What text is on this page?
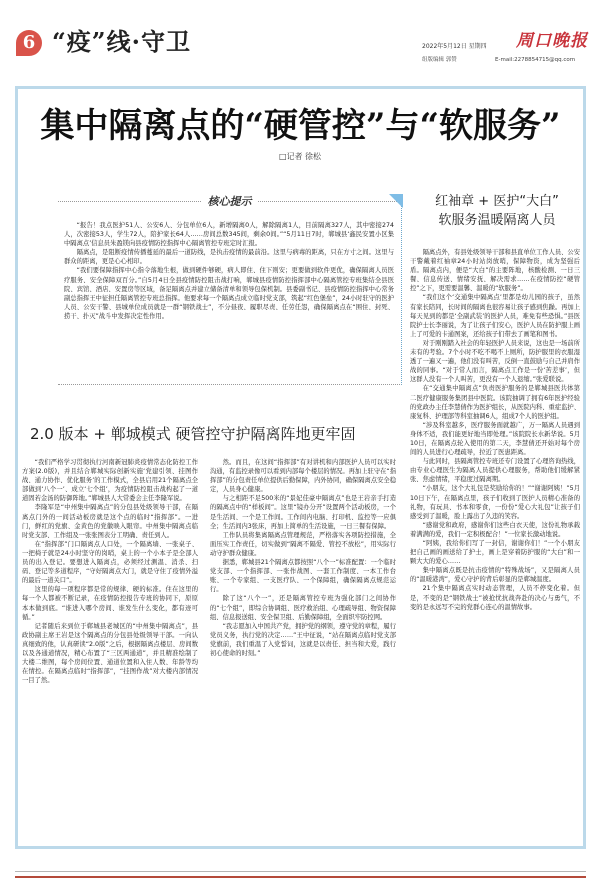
6 “疫”线·守卫	2022年5月12日 星期四 周口晚报
组版编辑 郭赞	E-mail:2278854715@qq.com
集中隔离点的“硬管控”与“软服务”
□记者 徐松
核心提示

“报告！我点医护51人、公安6人、分包单位6人，新增隔离0人，解除隔离1人，目前隔离327人，其中密接274人，次密接53人，学生72人，陪护家长64人……房间总数345间，剩余0间。”“5月11日7时，郸城县‘鑫民安置小区集中隔离点’信息员朱盈镁向县疫情防控指挥中心隔离管控专班定时汇报。

隔离点，是阻断疫情传播蔓延的最后一道防线，是执击疫情的最前沿。这里与病毒的距离，只在方寸之间。这里与群众的距离，更是心心相印。

“我们要保障指挥中心指令落地生根，做到硬件够硬，病人即住、住下则安；更要做到软件更优，确保隔离人员医疗服务、安全保障双百分。”自5月4日全县疫情防控阻击战打响，郸城县疫情防控指挥部中心隔离管控专班集结全县医院、宾馆、酒店、安置房等区域，备足隔离点并建立储备清单和领导包保机制。县委副书记、县疫情防控指挥中心常务副总指挥王中征担任隔离管控专班总指挥。他要求每一个隔离点成立临时党支部，筑起“红色堡垒”，24小时驻守的医护人员、公安干警、县城单位成员就是一群“钢铁战士”，不分昼夜、履职尽责、任劳任怨，确保隔离点在“围住、封死、捞干、扑灭”战斗中发挥决定性作用。

2.0 版本 + 郸城模式 硬管控守护隔离阵地更牢固

“我们严格学习贯彻执行河南新冠肺炎疫情常态化防控工作方案(2.0版)，并且结合郸城实际创新实施‘党建引领、挂图作战、通力协作、优化服务’的工作模式，全县启用21个隔离点全部做到‘八个一’、成立‘七个组’，为疫情防控阻击战构起了一道道固若金汤的防御阵地。”郸城县人大常委会主任李隆军说。

李隆军是“中州集中隔离点”的分包县处级领导干部，在隔离点门外的一间活动板房就是这个点的临时“指挥部”。一进门，鲜红的党旗、金黄色的党徽映入眼帘。中州集中隔离点临时党支部、工作组及一张张图表分工明确、责任到人。

在“指挥部”门口隔离点人口处，一个隔离墙、一张桌子、一把椅子就是24小时坚守的岗哨，桌上的一个小本子是全部人员的出入登记。要想进入隔离点，必须经过测温、消杀、扫码、登记等多道程序，“守好隔离点大门，就是守住了疫情外溢的最后一道关口”。

这里的每一项程序都是常的规律、硬的标准。住在这里的每一个人都被不断记录，在疫情防控报告专班的协同下，原原本本做到底。“谁进入哪个房间、谁发生什么变化，都有迹可循。”

记者随后来到位于郸城县老城区的“中州集中隔离点”，县政协副主席王岩是这个隔离点的分包县处级领导干部。一向认真细致的他，认真研读“2.0版”之后，根据隔离点楼层、房间数以及各通道情况，精心布置了“三区两通道”，并且精准绘制了大楼二维图，每个房间位置、通道位置和入住人数、年龄等均在情控。在隔离点临时“指挥部”，“挂图作战”对大楼内部情况一目了然。

然。而且，在这间“指挥部”有对讲机和内部医护人员可以实时沟通，有监控录像可以看到内部每个楼层的情况。再加上驻守在“指挥部”的分包责任单位提供后勤保障，内外协同，确保隔离点安全稳定，人员身心健康。

与之相距不足500米的“景妃佳豪中隔离点”也是王岩亲手打造的隔离点中的“样板间”。这里“镜办分开”设置两个活动板房，一个是生活间、一个是工作间。工作间内电脑、打印机、监控等一应俱全；生活间内3张床，再加上简单的生活设施，一日三餐有保障。

工作队员将集离隔离点管理规范，严格落实各项防控措施，全面压实工作责任，切实做到“隔离不隔爱、管控不放松”，用实际行动守护群众健康。

据悉，郸城县21个隔离点都按照“八个一”标准配置：一个临时党支部、一个指挥部、一张作战图、一套工作制度、一本工作台账、一个专家组、一支医疗队、一个保障组，确保隔离点规范运行。

除了这“八个一”，还是隔离管控专班为强化部门之间协作的“七个组”，即综合协调组、医疗救治组、心理疏导组、物资保障组、信息报送组、安全保卫组、后勤保障组，全面织牢防控网。

“我志愿加入中国共产党，拥护党的纲领，遵守党的章程，履行党员义务，执行党的决定……”王中征说，“站在隔离点临时党支部党旗前，我们重温了入党誓词，这就是以责任、担当和大爱，践行初心使命的时刻。”

红袖章 + 医护“大白”
软服务温暖隔离人员

隔离点外，有县处级领导干部和县直单位工作人员、公安干警戴着红袖章24小时站岗放哨，保障物资，成为坚强后盾。隔离点内，便是“大白”的主要阵地，核酸检测、一日三餐、信息传送、情绪安抚、解决需求……在疫情防控“硬管控”之下，更需要温馨、温暖的“软服务”。

“我们这个‘交通集中隔离点’里都是幼儿园的孩子，虽然有家长陪同，长时间的隔离也很容易让孩子感到焦躁。再加上每天见到的都是‘全副武装’的医护人员，难免有些恐惧。”县医院护士长李丽说，为了让孩子们安心，医护人员在防护服上画上了可爱的卡通图案，还给孩子们带去了画笔和图书。

对于刚刚踏入社会的年轻医护人员来说，这也是一场前所未有的考验。7个小时不吃不喝不上厕所，防护服里的衣服湿透了一遍又一遍，他们没有叫苦，反倒一直鼓励与自己并肩作战的同事。“对于常人而言，隔离点工作是一份‘苦差事’，但这群人没有一个人叫苦，更没有一个人退缩。”张爱联说。

在“交通集中隔离点”负责医护服务的是郸城县医共体第二医疗健康服务集团县中医院。该院抽调了拥有6年医护经验的党政办主任李慧倩作为医护组长，从医院内科、重症监护、康复科、护理部等科室抽调6人，组成7个人的医护组。

“涉及科室越多，医疗服务面就越广，万一隔离人员遇到身体不适，我们能更好地当即处理。”该院院长水新华说。5月10日，在隔离点轮入使用的第二天，李慧倩还开始对每个房间的人员进行心理疏导，拉近了医患距离。

与此同时，县隔离管控专班还专门设置了心理咨询热线，由专业心理医生为隔离人员提供心理服务，帮助他们缓解紧张、焦虑情绪，平稳度过隔离期。

“小朋友，这个大礼包是奖励给你的！”“谢谢阿姨！”5月10日下午，在隔离点里，孩子们收到了医护人员精心准备的礼物，有玩具、书本和零食，一份份“爱心大礼包”让孩子们感受到了温暖，脸上露出了久违的笑容。

“感谢党和政府，感谢你们这些白衣天使，这份礼物承载着满满的爱，我们一定积极配合！”一位家长激动地说。

“阿姨，我给你们写了一封信，谢谢你们！”一个小朋友把自己画的画送给了护士，画上是穿着防护服的“大白”和一颗大大的爱心……

集中隔离点既是抗击疫情的“特殊战场”，又是隔离人员的“温暖港湾”，爱心守护的背后彰显的是郸城温度。

21个集中隔离点实时动态管理，人员不停变化着。但是，不变的是“钢铁战士”被抢忧抗战奔赴的决心与勇气，不变的是永远写不完的党群心连心的温情故事。
